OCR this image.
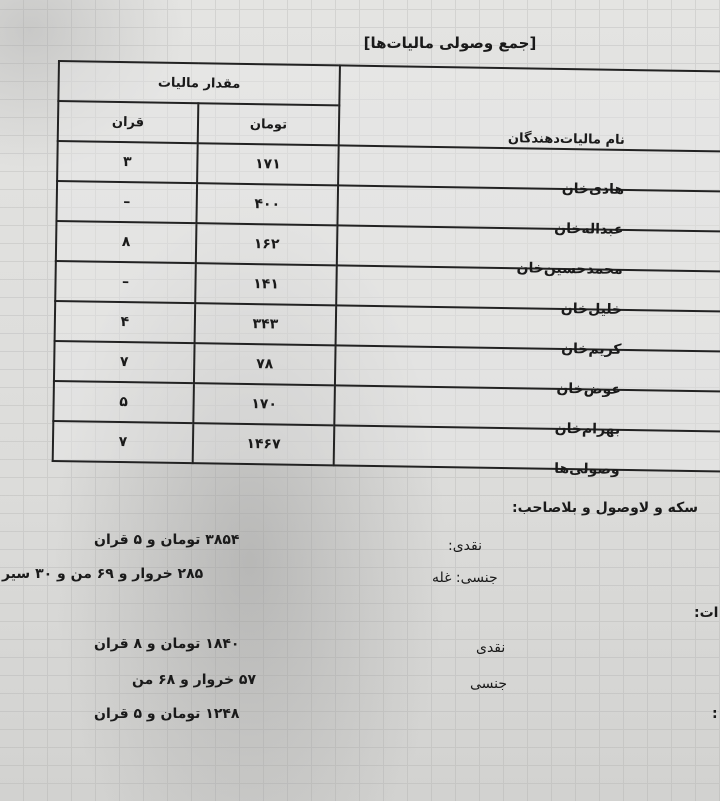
[جمع وصولی مالیات‌ها]
نام مالیات‌دهندگان	مقدار مالیات	
	تومان	قران
هادی‌خان	۱۷۱	۳
عبداله‌خان	۴۰۰	–
محمدحسین‌خان	۱۶۲	۸
خلیل‌خان	۱۴۱	–
کریم‌خان	۳۴۳	۴
عوض‌خان	۷۸	۷
بهرام‌خان	۱۷۰	۵
وصولی‌ها	۱۴۶۷	۷
سکه و لاوصول و بلاصاحب:
نقدی:
۳۸۵۴ تومان و ۵ قران
جنسی: غله
۲۸۵ خروار و ۶۹ من و ۳۰ سیر
ات:
نقدی
۱۸۴۰ تومان و ۸ قران
جنسی
۵۷ خروار و ۶۸ من
۱۲۴۸ تومان و ۵ قران	:
